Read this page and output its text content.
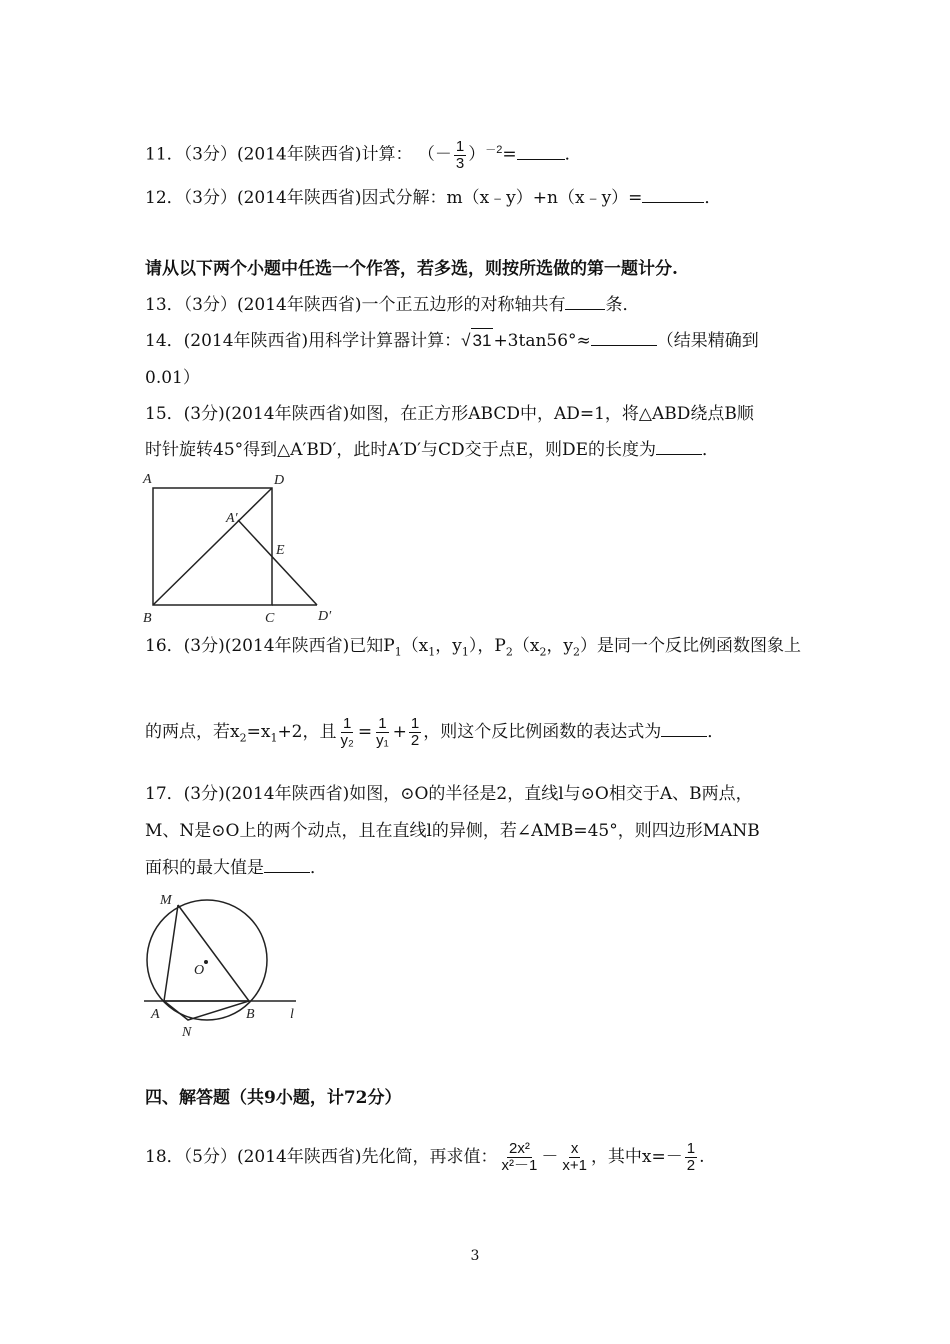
11．（3分）(2014年陕西省)计算： （－ $\frac{1}{3} )^{-2}=$	．
12．（3分）(2014年陕西省)因式分解：m（x﹣y）+n（x﹣y）=	．
请从以下两个小题中任选一个作答，若多选，则按所选做的第一题计分.
13．（3分）(2014年陕西省)一个正五边形的对称轴共有 条．
14．(2014年陕西省)用科学计算器计算：√ 31 +3tan56°≈	（结果精确到
0.01）
15．(3分)(2014年陕西省)如图，在正方形ABCD中，AD=1，将△ABD绕点B顺
时针旋转45°得到△A′BD′，此时A′D′与CD交于点E，则DE的长度为	．
A	D
A′
E
B	C	D′
16．(3分)(2014年陕西省)已知$P_1(x_1$，$y_1$），$P_2(x_2$，$y_2$）是同一个反比例函数图象上
的两点，若$x_2=x_1+2$，且 $\frac{1}{\text{y₂}} = \frac{1}{\text{y₁}} + \frac{1}{2}$ ，则这个反比例函数的表达式为	．
17．(3分)(2014年陕西省)如图，⊙O的半径是2，直线l与⊙O相交于A、B两点，
M、N是⊙O上的两个动点，且在直线l的异侧，若∠AMB=45°，则四边形MANB
面积的最大值是	．
M
O
A	B
N
l
四、解答题（共9小题，计72分）
18．（5分）(2014年陕西省)先化简，再求值： $\frac{\text{2x²}}{\text{x²－1}} - \frac{x}{x+1}$ ，其中$x=- \frac{1}{2}$ .
3
